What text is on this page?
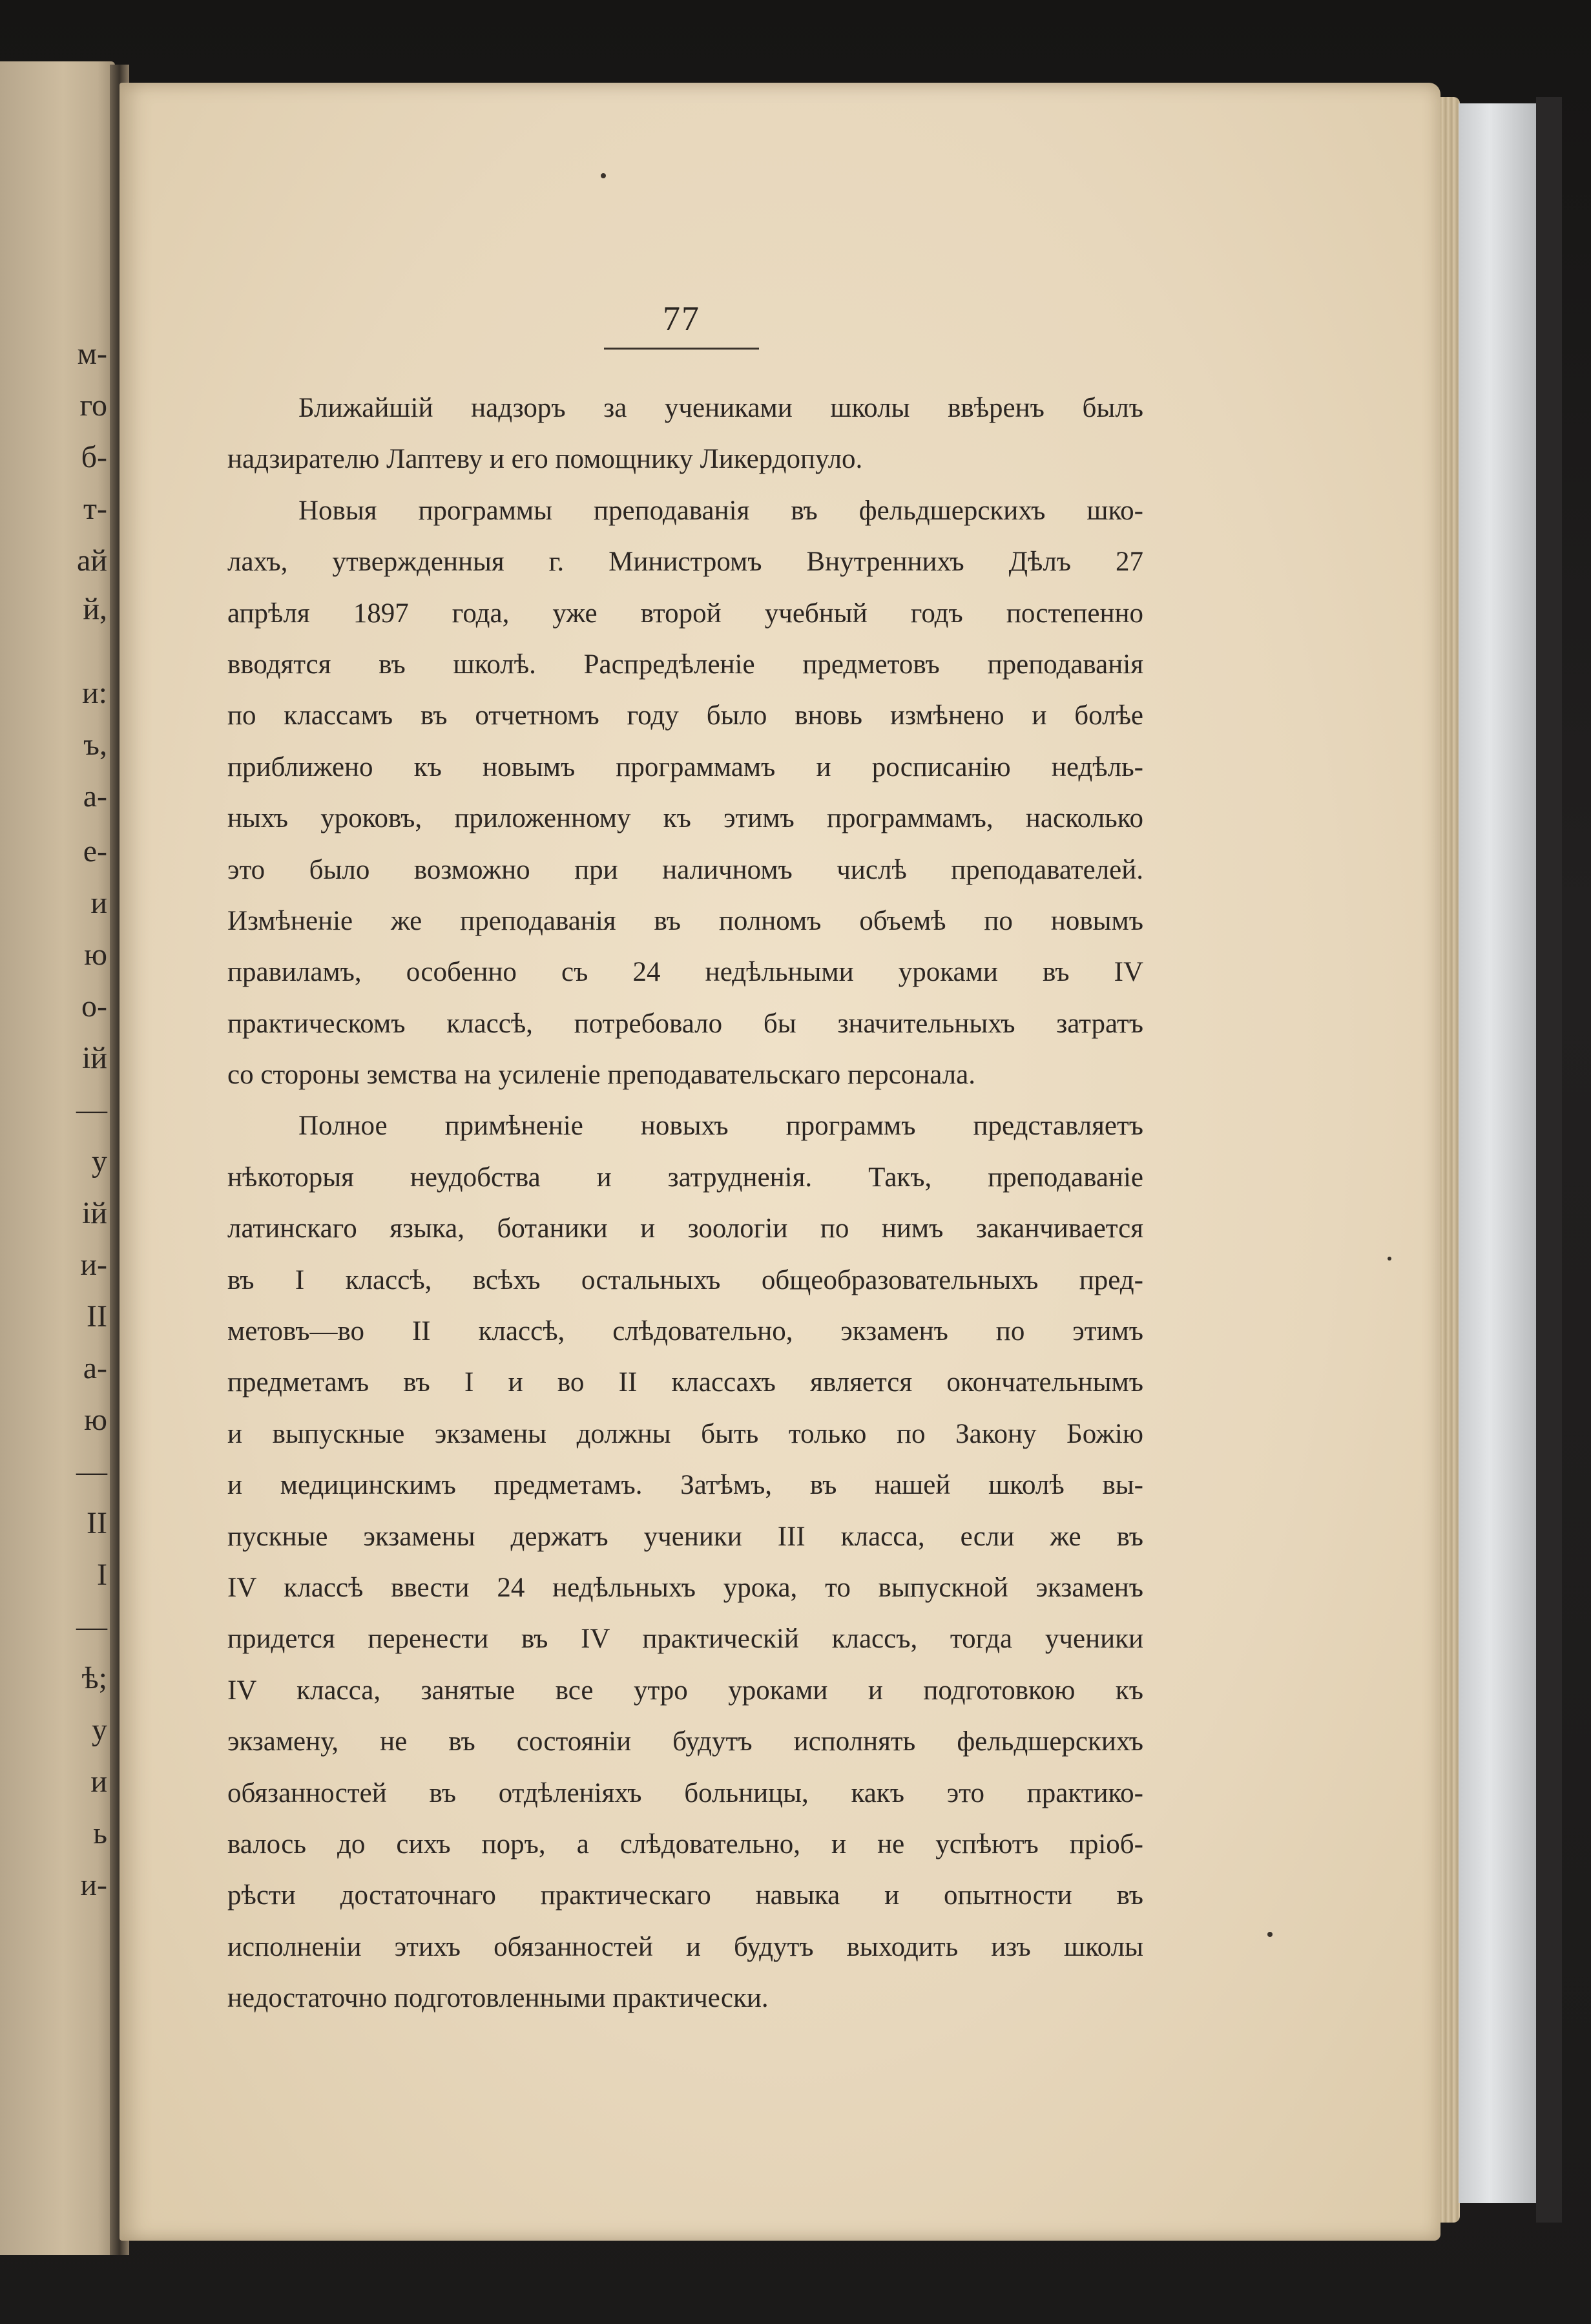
м-
го
б-
т-
ай
й,
и:
ъ,
а-
е-
и
ю
о-
ій
—
у
ій
и-
II
а-
ю
—
II
I
—
ѣ;
у
и
ь
и-
77
Ближайшій надзоръ за учениками школы ввѣренъ былъ
надзирателю Лаптеву и его помощнику Ликердопуло.
Новыя программы преподаванія въ фельдшерскихъ шко-
лахъ, утвержденныя г. Министромъ Внутреннихъ Дѣлъ 27
апрѣля 1897 года, уже второй учебный годъ постепенно
вводятся въ школѣ. Распредѣленіе предметовъ преподаванія
по классамъ въ отчетномъ году было вновь измѣнено и болѣе
приближено къ новымъ программамъ и росписанію недѣль-
ныхъ уроковъ, приложенному къ этимъ программамъ, насколько
это было возможно при наличномъ числѣ преподавателей.
Измѣненіе же преподаванія въ полномъ объемѣ по новымъ
правиламъ, особенно съ 24 недѣльными уроками въ IV
практическомъ классѣ, потребовало бы значительныхъ затратъ
со стороны земства на усиленіе преподавательскаго персонала.
Полное примѣненіе новыхъ программъ представляетъ
нѣкоторыя неудобства и затрудненія. Такъ, преподаваніе
латинскаго языка, ботаники и зоологіи по нимъ заканчивается
въ I классѣ, всѣхъ остальныхъ общеобразовательныхъ пред-
метовъ—во II классѣ, слѣдовательно, экзаменъ по этимъ
предметамъ въ I и во II классахъ является окончательнымъ
и выпускные экзамены должны быть только по Закону Божію
и медицинскимъ предметамъ. Затѣмъ, въ нашей школѣ вы-
пускные экзамены держатъ ученики III класса, если же въ
IV классѣ ввести 24 недѣльныхъ урока, то выпускной экзаменъ
придется перенести въ IV практическій классъ, тогда ученики
IV класса, занятые все утро уроками и подготовкою къ
экзамену, не въ состояніи будутъ исполнять фельдшерскихъ
обязанностей въ отдѣленіяхъ больницы, какъ это практико-
валось до сихъ поръ, а слѣдовательно, и не успѣютъ пріоб-
рѣсти достаточнаго практическаго навыка и опытности въ
исполненіи этихъ обязанностей и будутъ выходить изъ школы
недостаточно подготовленными практически.
